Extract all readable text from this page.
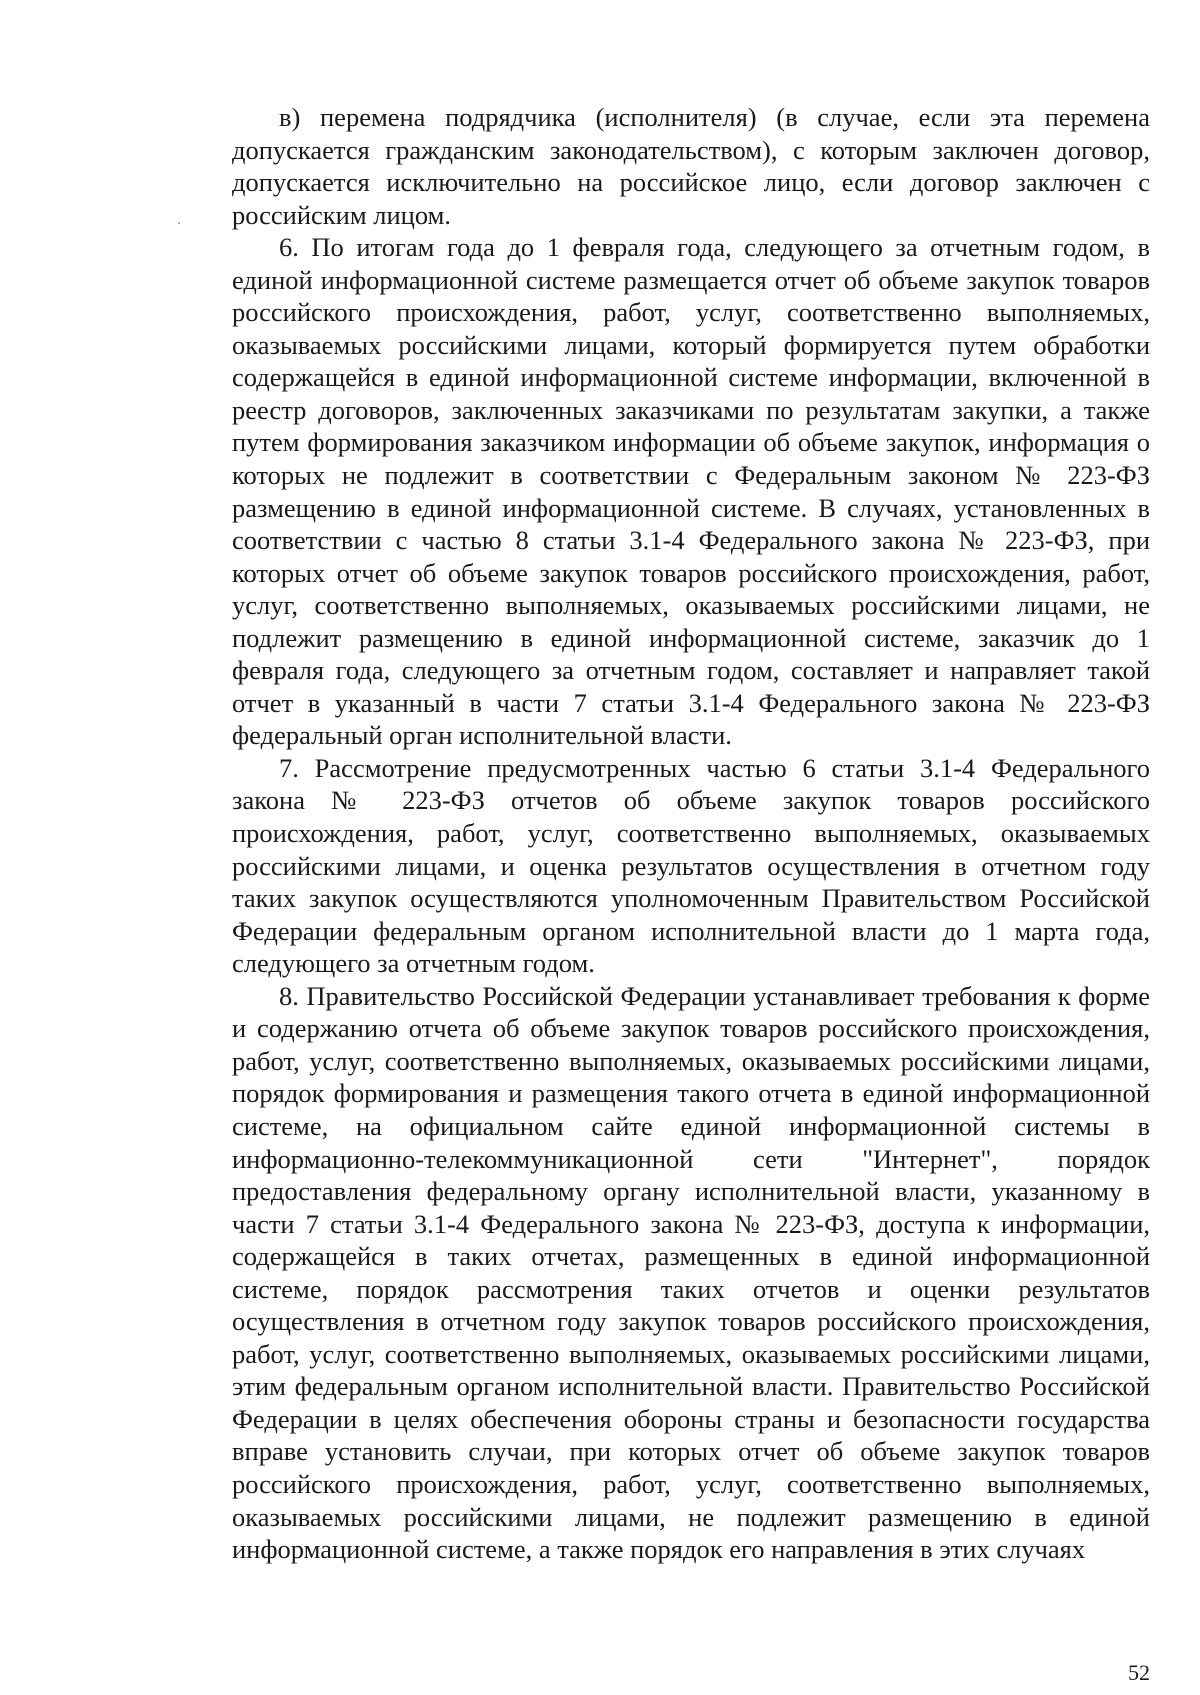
в) перемена подрядчика (исполнителя) (в случае, если эта перемена допускается гражданским законодательством), с которым заключен договор, допускается исключительно на российское лицо, если договор заключен с российским лицом.

6. По итогам года до 1 февраля года, следующего за отчетным годом, в единой информационной системе размещается отчет об объеме закупок товаров российского происхождения, работ, услуг, соответственно выполняемых, оказываемых российскими лицами, который формируется путем обработки содержащейся в единой информационной системе информации, включенной в реестр договоров, заключенных заказчиками по результатам закупки, а также путем формирования заказчиком информации об объеме закупок, информация о которых не подлежит в соответствии с Федеральным законом № 223-ФЗ размещению в единой информационной системе. В случаях, установленных в соответствии с частью 8 статьи 3.1-4 Федерального закона № 223-ФЗ, при которых отчет об объеме закупок товаров российского происхождения, работ, услуг, соответственно выполняемых, оказываемых российскими лицами, не подлежит размещению в единой информационной системе, заказчик до 1 февраля года, следующего за отчетным годом, составляет и направляет такой отчет в указанный в части 7 статьи 3.1-4 Федерального закона № 223-ФЗ федеральный орган исполнительной власти.

7. Рассмотрение предусмотренных частью 6 статьи 3.1-4 Федерального закона № 223-ФЗ отчетов об объеме закупок товаров российского происхождения, работ, услуг, соответственно выполняемых, оказываемых российскими лицами, и оценка результатов осуществления в отчетном году таких закупок осуществляются уполномоченным Правительством Российской Федерации федеральным органом исполнительной власти до 1 марта года, следующего за отчетным годом.

8. Правительство Российской Федерации устанавливает требования к форме и содержанию отчета об объеме закупок товаров российского происхождения, работ, услуг, соответственно выполняемых, оказываемых российскими лицами, порядок формирования и размещения такого отчета в единой информационной системе, на официальном сайте единой информационной системы в информационно-телекоммуникационной сети "Интернет", порядок предоставления федеральному органу исполнительной власти, указанному в части 7 статьи 3.1-4 Федерального закона № 223-ФЗ, доступа к информации, содержащейся в таких отчетах, размещенных в единой информационной системе, порядок рассмотрения таких отчетов и оценки результатов осуществления в отчетном году закупок товаров российского происхождения, работ, услуг, соответственно выполняемых, оказываемых российскими лицами, этим федеральным органом исполнительной власти. Правительство Российской Федерации в целях обеспечения обороны страны и безопасности государства вправе установить случаи, при которых отчет об объеме закупок товаров российского происхождения, работ, услуг, соответственно выполняемых, оказываемых российскими лицами, не подлежит размещению в единой информационной системе, а также порядок его направления в этих случаях

52
